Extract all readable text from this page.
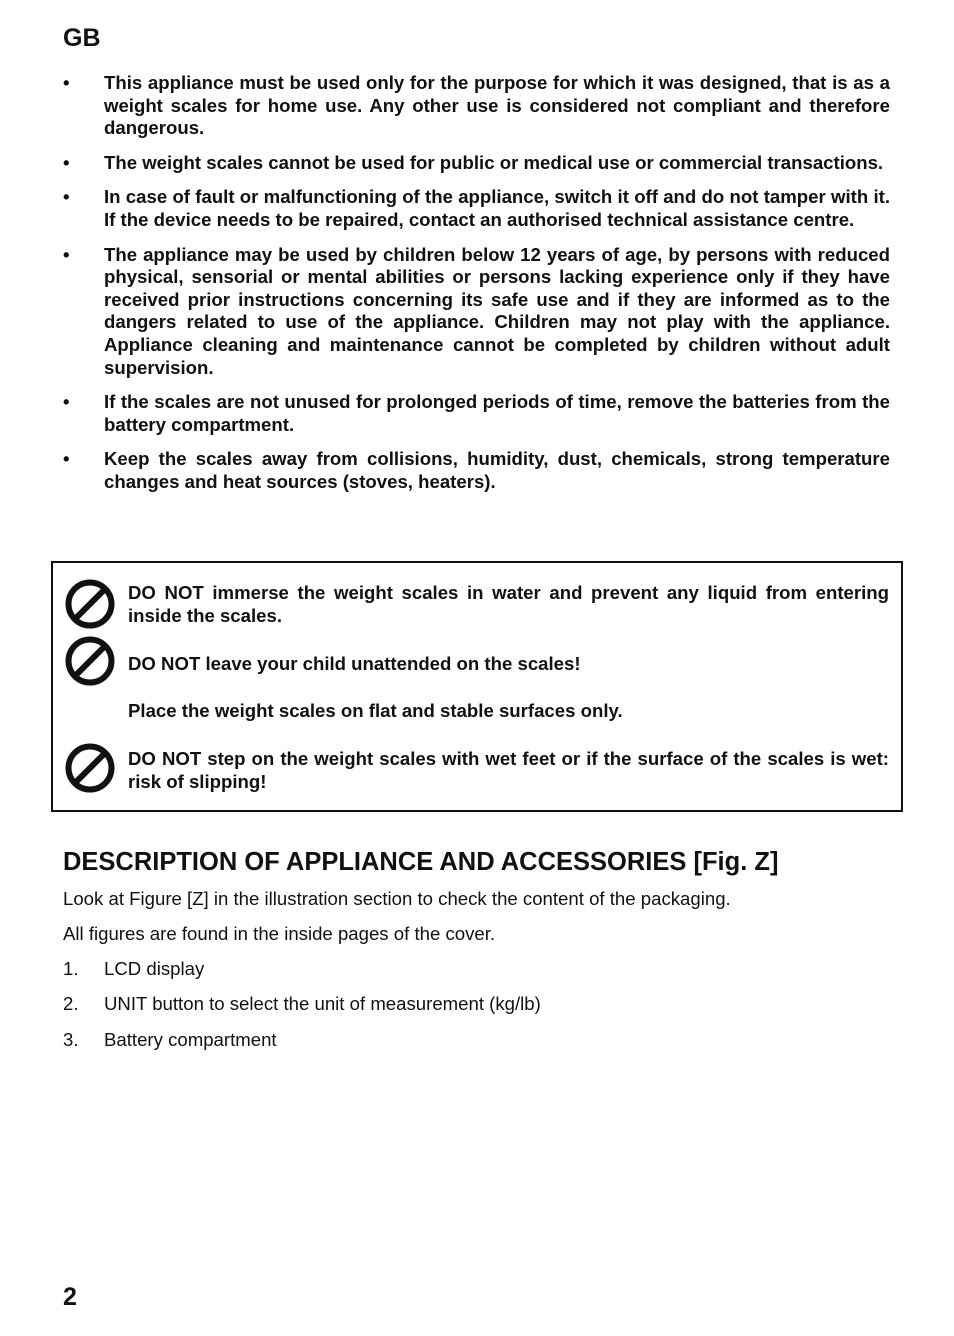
GB
• This appliance must be used only for the purpose for which it was designed, that is as a weight scales for home use. Any other use is considered not compliant and therefore dangerous.
• The weight scales cannot be used for public or medical use or commercial transactions.
• In case of fault or malfunctioning of the appliance, switch it off and do not tamper with it. If the device needs to be repaired, contact an authorised technical assistance centre.
• The appliance may be used by children below 12 years of age, by persons with reduced physical, sensorial or mental abilities or persons lacking experience only if they have received prior instructions concerning its safe use and if they are informed as to the dangers related to use of the appliance. Children may not play with the appliance. Appliance cleaning and maintenance cannot be completed by children without adult supervision.
• If the scales are not unused for prolonged periods of time, remove the batteries from the battery compartment.
• Keep the scales away from collisions, humidity, dust, chemicals, strong temperature changes and heat sources (stoves, heaters).

DO NOT immerse the weight scales in water and prevent any liquid from entering inside the scales.

DO NOT leave your child unattended on the scales!

Place the weight scales on flat and stable surfaces only.

DO NOT step on the weight scales with wet feet or if the surface of the scales is wet: risk of slipping!

DESCRIPTION OF APPLIANCE AND ACCESSORIES [Fig. Z]

Look at Figure [Z] in the illustration section to check the content of the packaging.

All figures are found in the inside pages of the cover.

1. LCD display

2. UNIT button to select the unit of measurement (kg/lb)

3. Battery compartment

2
